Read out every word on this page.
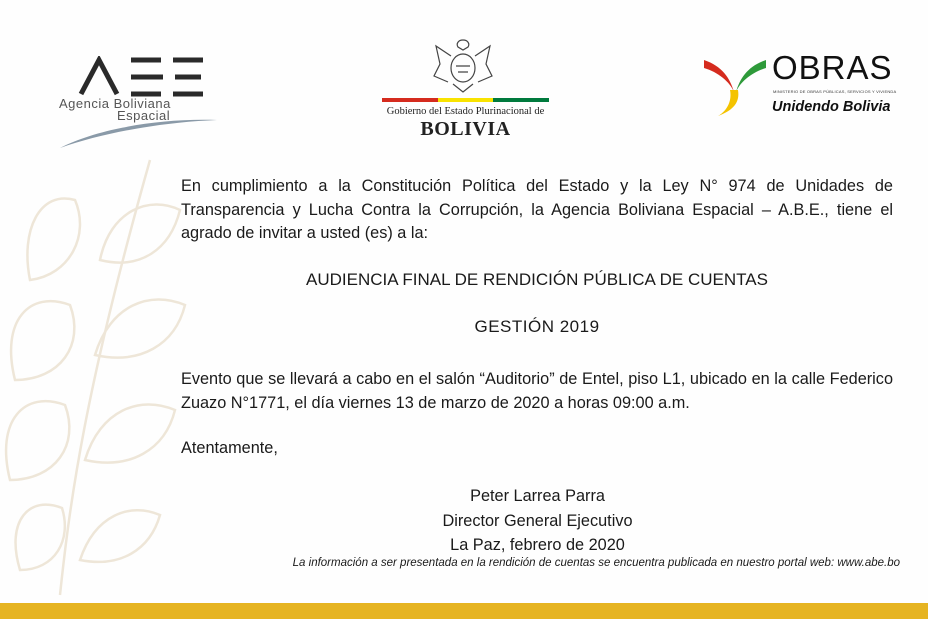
Agencia Boliviana
Espacial	Gobierno del Estado Plurinacional de
BOLIVIA
OBRAS
MINISTERIO DE OBRAS PÚBLICAS, SERVICIOS Y VIVIENDA
Unidendo Bolivia
En cumplimiento a la Constitución Política del Estado y la Ley N° 974 de Unidades de Transparencia y Lucha Contra la Corrupción, la Agencia Boliviana Espacial – A.B.E., tiene el agrado de invitar a usted (es) a la:
AUDIENCIA FINAL DE RENDICIÓN PÚBLICA DE CUENTAS
GESTIÓN 2019
Evento que se llevará a cabo en el salón “Auditorio” de Entel, piso L1, ubicado en la calle Federico Zuazo N°1771, el día viernes 13 de marzo de 2020 a horas 09:00 a.m.
Atentamente,
Peter Larrea Parra
Director General Ejecutivo
La Paz, febrero de 2020
La información a ser presentada en la rendición de cuentas se encuentra publicada en nuestro portal web: www.abe.bo
